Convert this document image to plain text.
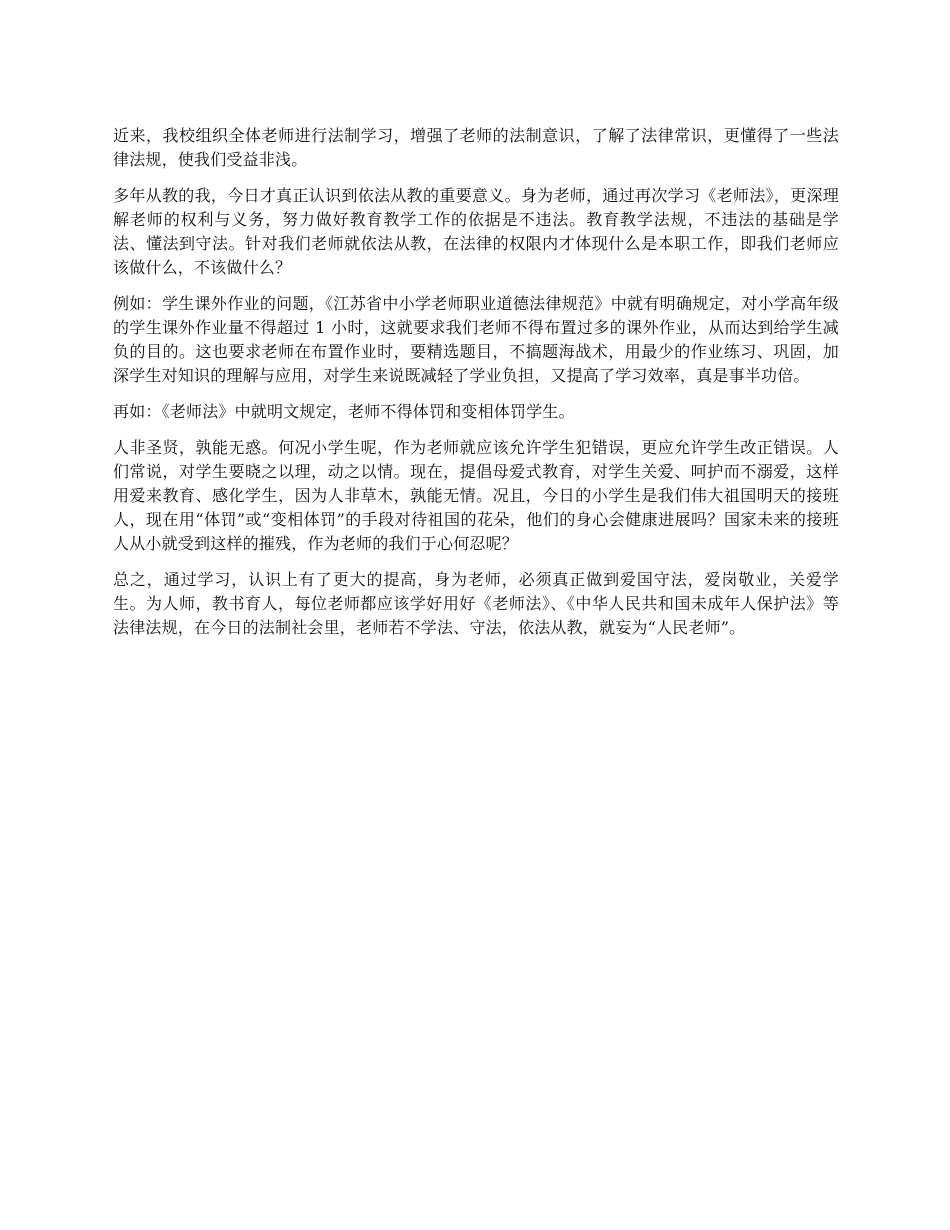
近来，我校组织全体老师进行法制学习，增强了老师的法制意识，了解了法律常识，更懂得了一些法律法规，使我们受益非浅。

多年从教的我，今日才真正认识到依法从教的重要意义。身为老师，通过再次学习《老师法》，更深理解老师的权利与义务，努力做好教育教学工作的依据是不违法。教育教学法规，不违法的基础是学法、懂法到守法。针对我们老师就依法从教，在法律的权限内才体现什么是本职工作，即我们老师应该做什么，不该做什么？

例如：学生课外作业的问题，《江苏省中小学老师职业道德法律规范》中就有明确规定，对小学高年级的学生课外作业量不得超过 1 小时，这就要求我们老师不得布置过多的课外作业，从而达到给学生减负的目的。这也要求老师在布置作业时，要精选题目，不搞题海战术，用最少的作业练习、巩固，加深学生对知识的理解与应用，对学生来说既减轻了学业负担，又提高了学习效率，真是事半功倍。

再如：《老师法》中就明文规定，老师不得体罚和变相体罚学生。

人非圣贤，孰能无惑。何况小学生呢，作为老师就应该允许学生犯错误，更应允许学生改正错误。人们常说，对学生要晓之以理，动之以情。现在，提倡母爱式教育，对学生关爱、呵护而不溺爱，这样用爱来教育、感化学生，因为人非草木，孰能无情。况且，今日的小学生是我们伟大祖国明天的接班人，现在用“体罚”或“变相体罚”的手段对待祖国的花朵，他们的身心会健康进展吗？国家未来的接班人从小就受到这样的摧残，作为老师的我们于心何忍呢？

总之，通过学习，认识上有了更大的提高，身为老师，必须真正做到爱国守法，爱岗敬业，关爱学生。为人师，教书育人，每位老师都应该学好用好《老师法》、《中华人民共和国未成年人保护法》等法律法规，在今日的法制社会里，老师若不学法、守法，依法从教，就妄为“人民老师”。
